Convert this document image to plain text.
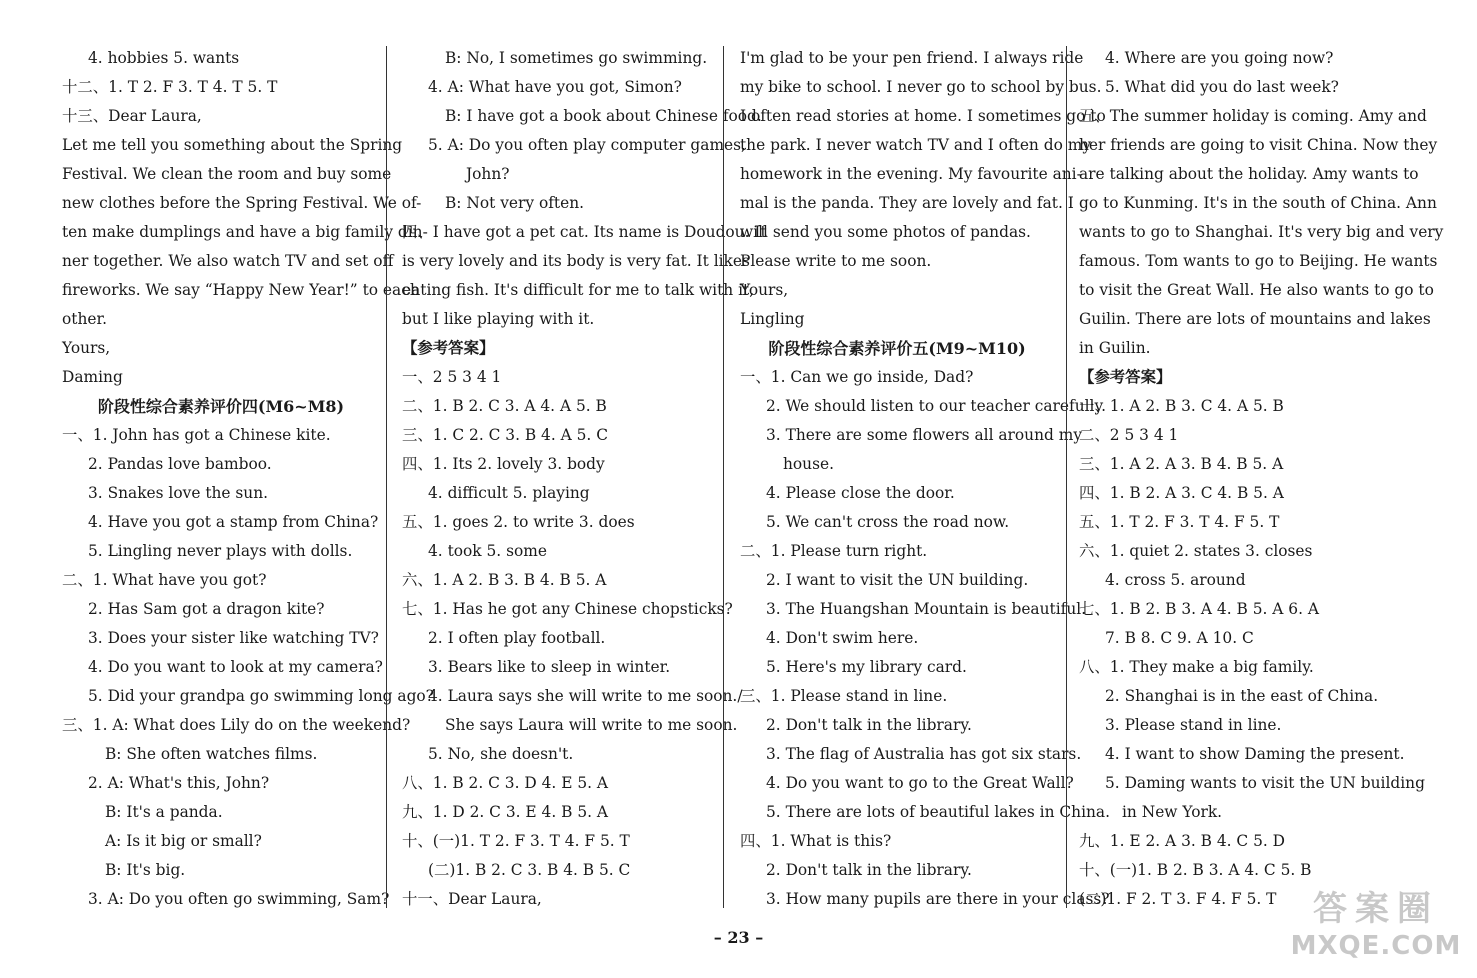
4. hobbies 5. wants
十二、1. T 2. F 3. T 4. T 5. T
十三、Dear Laura,
Let me tell you something about the Spring
Festival. We clean the room and buy some
new clothes before the Spring Festival. We of-
ten make dumplings and have a big family din-
ner together. We also watch TV and set off
fireworks. We say “Happy New Year!” to each
other.
Yours,
Daming
阶段性综合素养评价四(M6~M8)
一、1. John has got a Chinese kite.
2. Pandas love bamboo.
3. Snakes love the sun.
4. Have you got a stamp from China?
5. Lingling never plays with dolls.
二、1. What have you got?
2. Has Sam got a dragon kite?
3. Does your sister like watching TV?
4. Do you want to look at my camera?
5. Did your grandpa go swimming long ago?
三、1. A: What does Lily do on the weekend?
B: She often watches films.
2. A: What's this, John?
B: It's a panda.
A: Is it big or small?
B: It's big.
3. A: Do you often go swimming, Sam?
B: No, I sometimes go swimming.
4. A: What have you got, Simon?
B: I have got a book about Chinese food.
5. A: Do you often play computer games,
John?
B: Not very often.
四、I have got a pet cat. Its name is Doudou. It
is very lovely and its body is very fat. It likes
eating fish. It's difficult for me to talk with it,
but I like playing with it.
【参考答案】
一、2 5 3 4 1
二、1. B 2. C 3. A 4. A 5. B
三、1. C 2. C 3. B 4. A 5. C
四、1. Its 2. lovely 3. body
4. difficult 5. playing
五、1. goes 2. to write 3. does
4. took 5. some
六、1. A 2. B 3. B 4. B 5. A
七、1. Has he got any Chinese chopsticks?
2. I often play football.
3. Bears like to sleep in winter.
4. Laura says she will write to me soon./
She says Laura will write to me soon.
5. No, she doesn't.
八、1. B 2. C 3. D 4. E 5. A
九、1. D 2. C 3. E 4. B 5. A
十、(一)1. T 2. F 3. T 4. F 5. T
(二)1. B 2. C 3. B 4. B 5. C
十一、Dear Laura,
I'm glad to be your pen friend. I always ride
my bike to school. I never go to school by bus.
I often read stories at home. I sometimes go to
the park. I never watch TV and I often do my
homework in the evening. My favourite ani-
mal is the panda. They are lovely and fat. I
will send you some photos of pandas.
Please write to me soon.
Yours,
Lingling
阶段性综合素养评价五(M9~M10)
一、1. Can we go inside, Dad?
2. We should listen to our teacher carefully.
3. There are some flowers all around my
house.
4. Please close the door.
5. We can't cross the road now.
二、1. Please turn right.
2. I want to visit the UN building.
3. The Huangshan Mountain is beautiful.
4. Don't swim here.
5. Here's my library card.
三、1. Please stand in line.
2. Don't talk in the library.
3. The flag of Australia has got six stars.
4. Do you want to go to the Great Wall?
5. There are lots of beautiful lakes in China.
四、1. What is this?
2. Don't talk in the library.
3. How many pupils are there in your class?
4. Where are you going now?
5. What did you do last week?
五、The summer holiday is coming. Amy and
her friends are going to visit China. Now they
are talking about the holiday. Amy wants to
go to Kunming. It's in the south of China. Ann
wants to go to Shanghai. It's very big and very
famous. Tom wants to go to Beijing. He wants
to visit the Great Wall. He also wants to go to
Guilin. There are lots of mountains and lakes
in Guilin.
【参考答案】
一、1. A 2. B 3. C 4. A 5. B
二、2 5 3 4 1
三、1. A 2. A 3. B 4. B 5. A
四、1. B 2. A 3. C 4. B 5. A
五、1. T 2. F 3. T 4. F 5. T
六、1. quiet 2. states 3. closes
4. cross 5. around
七、1. B 2. B 3. A 4. B 5. A 6. A
7. B 8. C 9. A 10. C
八、1. They make a big family.
2. Shanghai is in the east of China.
3. Please stand in line.
4. I want to show Daming the present.
5. Daming wants to visit the UN building
in New York.
九、1. E 2. A 3. B 4. C 5. D
十、(一)1. B 2. B 3. A 4. C 5. B
(二)1. F 2. T 3. F 4. F 5. T
– 23 –
答案圈
MXQE.COM
